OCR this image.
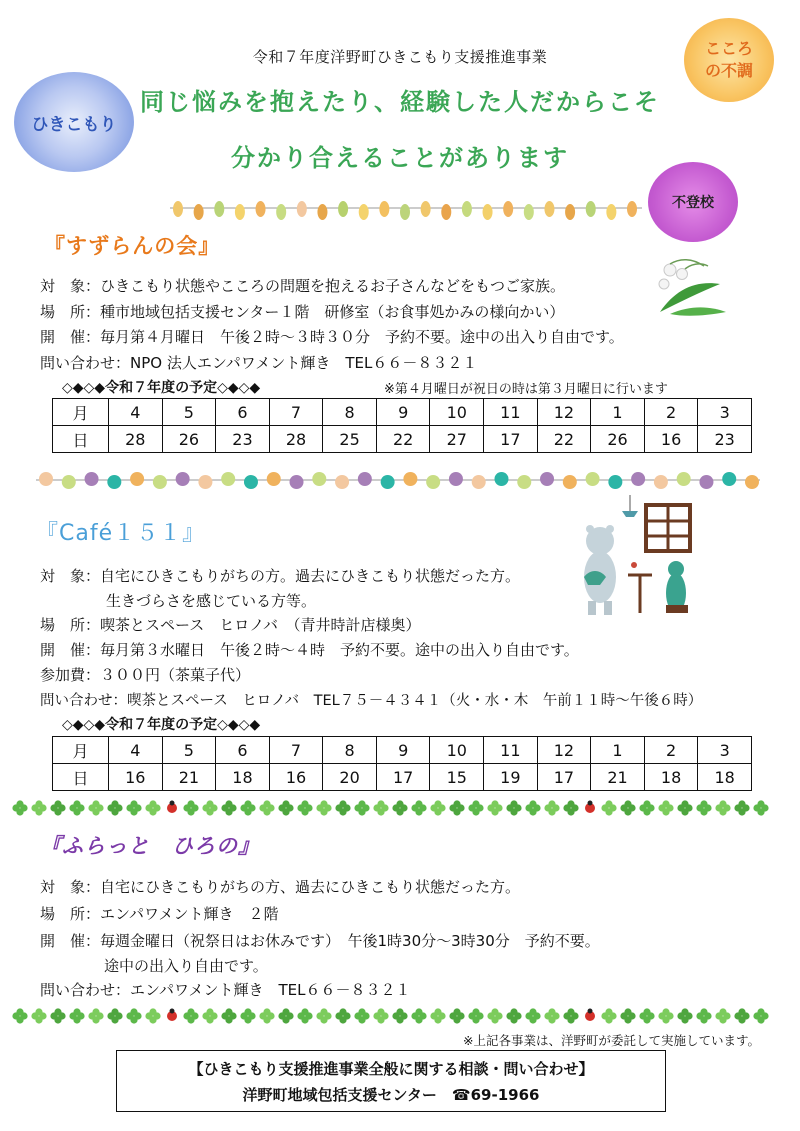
令和７年度洋野町ひきこもり支援推進事業
同じ悩みを抱えたり、経験した人だからこそ
分かり合えることがあります
ひきこもり
こころ
の不調
不登校
『すずらんの会』
対　象：ひきこもり状態やこころの問題を抱えるお子さんなどをもつご家族。
場　所：種市地域包括支援センター１階　研修室（お食事処かみの様向かい）
開　催：毎月第４月曜日　午後２時～３時３０分　予約不要。途中の出入り自由です。
問い合わせ：NPO 法人エンパワメント輝き　TEL６６－８３２１
◇◆◇◆令和７年度の予定◇◆◇◆	※第４月曜日が祝日の時は第３月曜日に行います
月	4	5	6	7	8	9	10	11	12	1	2	3
日	28	26	23	28	25	22	27	17	22	26	16	23
『Café１５１』
対　象：自宅にひきこもりがちの方。過去にひきこもり状態だった方。
生きづらさを感じている方等。
場　所：喫茶とスペース　ヒロノバ　（青井時計店様奥）
開　催：毎月第３水曜日　午後２時～４時　予約不要。途中の出入り自由です。
参加費：３００円（茶菓子代）
問い合わせ：喫茶とスペース　ヒロノバ　TEL７５－４３４１（火・水・木　午前１１時～午後６時）
◇◆◇◆令和７年度の予定◇◆◇◆
月	4	5	6	7	8	9	10	11	12	1	2	3
日	16	21	18	16	20	17	15	19	17	21	18	18
『ふらっと　ひろの』
対　象：自宅にひきこもりがちの方、過去にひきこもり状態だった方。
場　所：エンパワメント輝き　２階
開　催：毎週金曜日（祝祭日はお休みです）　午後1時30分～3時30分　予約不要。
途中の出入り自由です。
問い合わせ：エンパワメント輝き　TEL６６－８３２１
※上記各事業は、洋野町が委託して実施しています。
【ひきこもり支援推進事業全般に関する相談・問い合わせ】
洋野町地域包括支援センター　☎69-1966
